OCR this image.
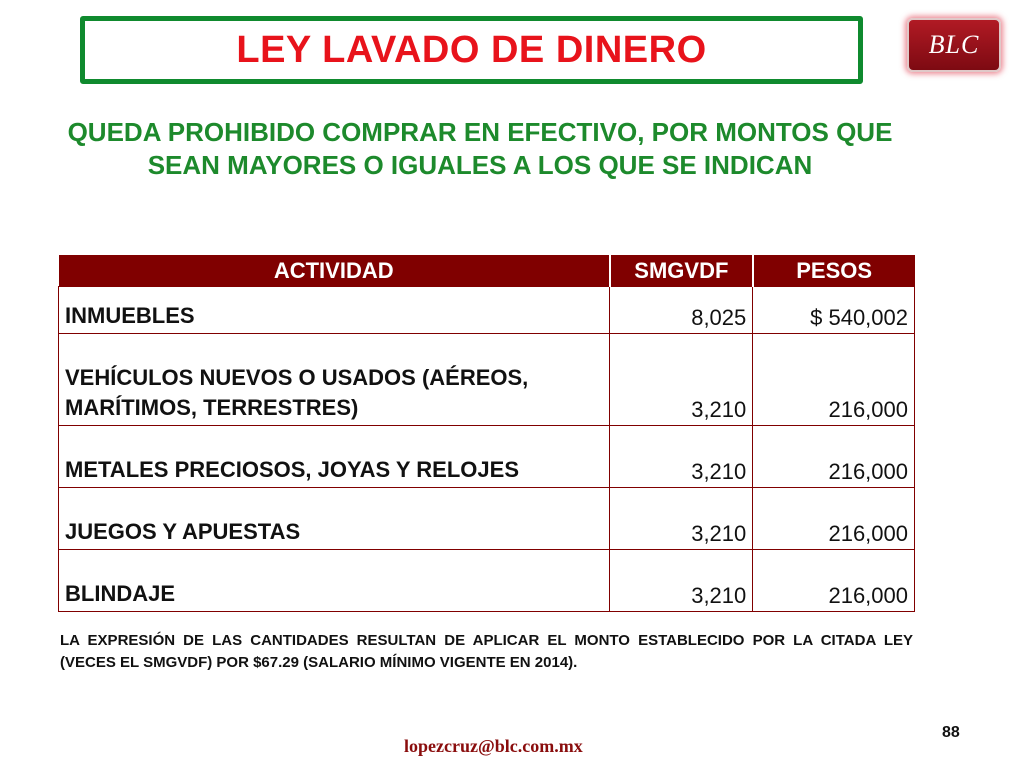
LEY LAVADO DE DINERO	BLC
QUEDA PROHIBIDO COMPRAR EN EFECTIVO, POR MONTOS QUE SEAN MAYORES O IGUALES A LOS QUE SE INDICAN
ACTIVIDAD	SMGVDF	PESOS
INMUEBLES	8,025	$ 540,002
VEHÍCULOS NUEVOS O USADOS (AÉREOS, MARÍTIMOS, TERRESTRES)	3,210	216,000
METALES PRECIOSOS, JOYAS Y RELOJES	3,210	216,000
JUEGOS Y APUESTAS	3,210	216,000
BLINDAJE	3,210	216,000
LA EXPRESIÓN DE LAS CANTIDADES RESULTAN DE APLICAR EL MONTO ESTABLECIDO POR LA CITADA LEY (VECES EL SMGVDF) POR $67.29 (SALARIO MÍNIMO VIGENTE EN 2014).
88
lopezcruz@blc.com.mx
